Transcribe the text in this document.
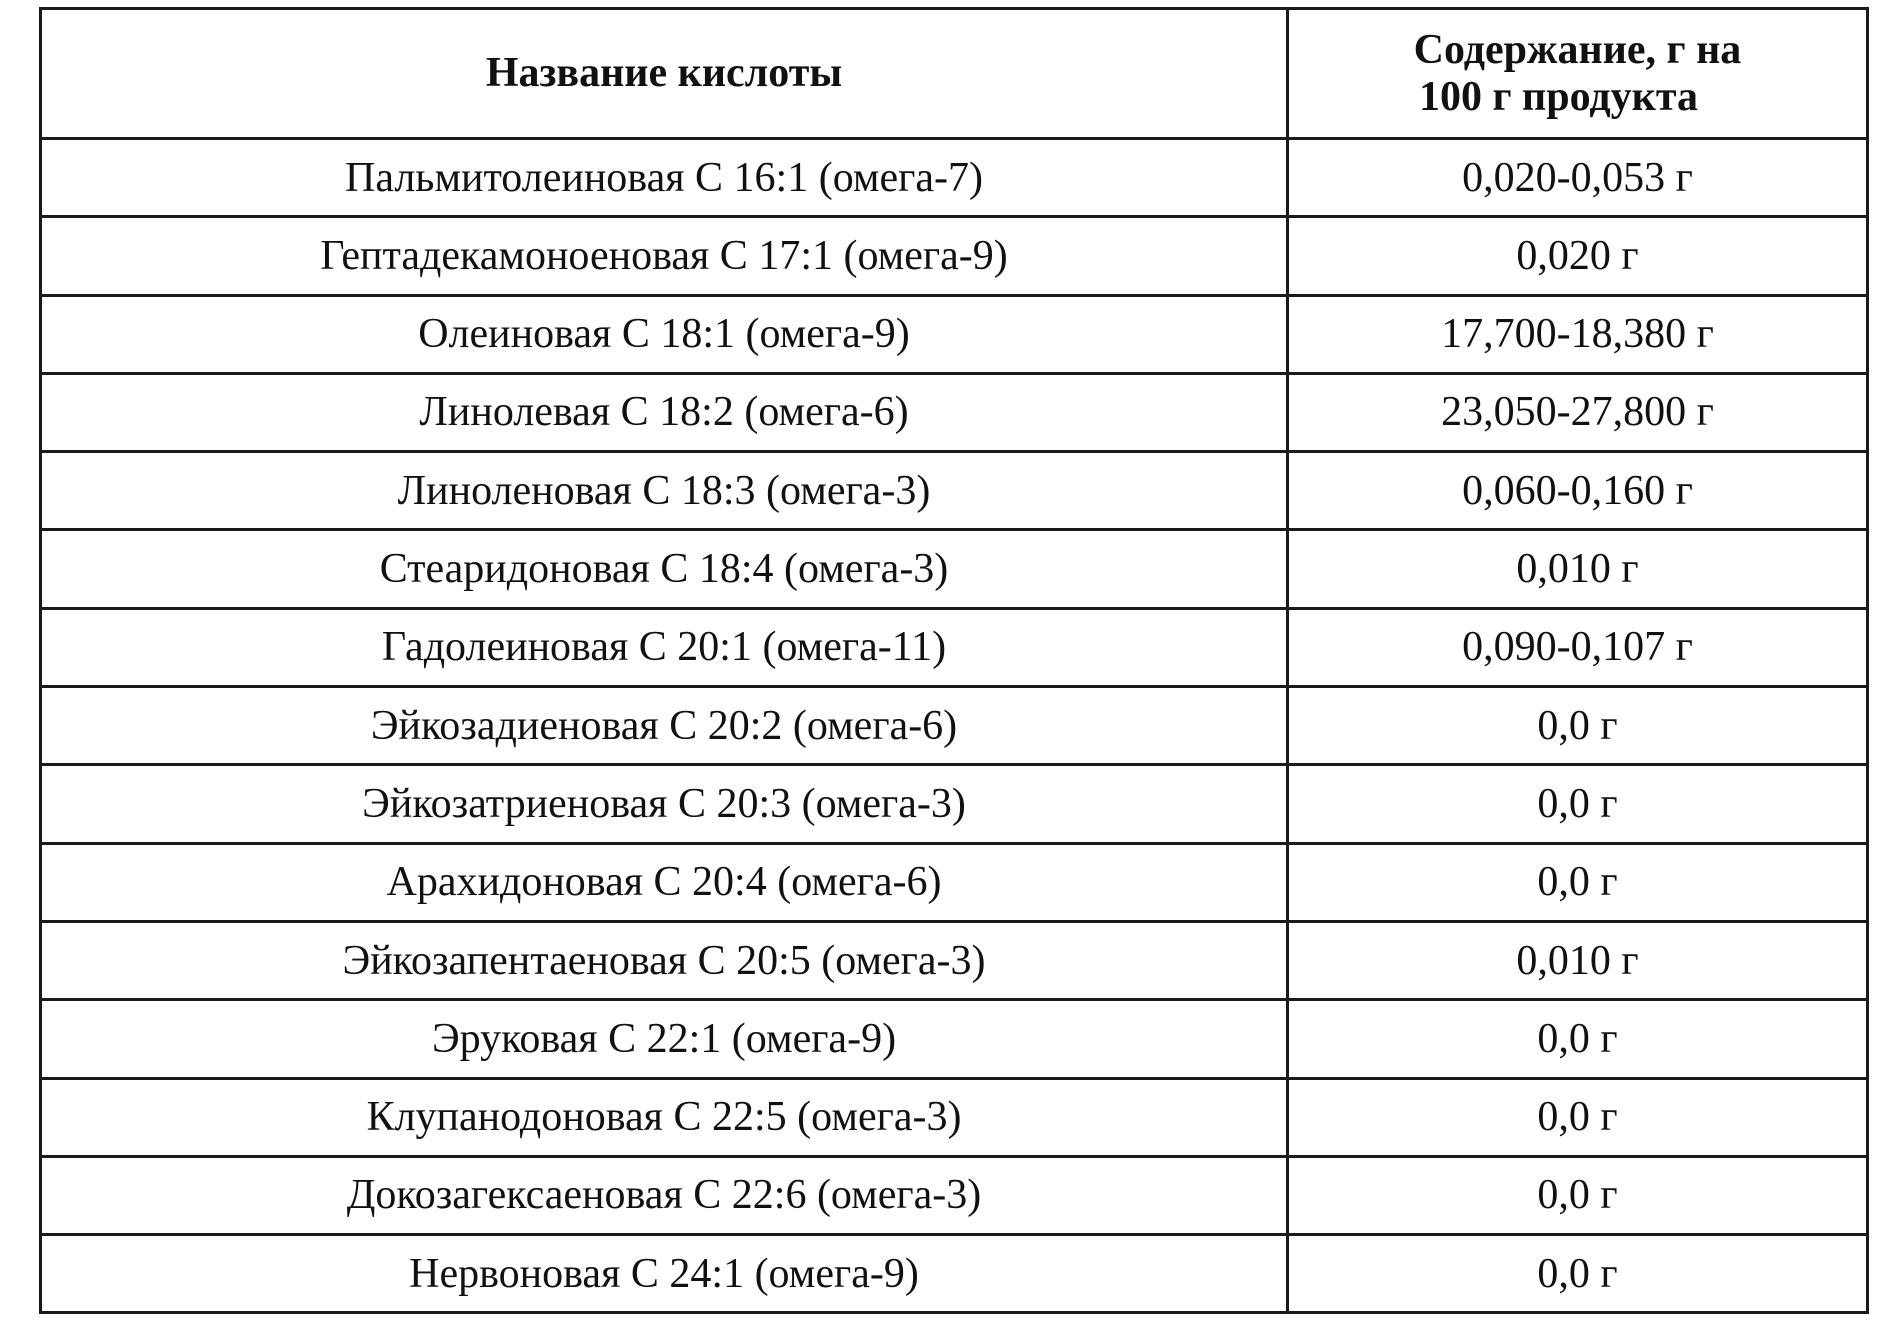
Название кислоты	Содержание, г на
100 г продукта

Пальмитолеиновая С 16:1 (омега-7)	0,020-0,053 г
Гептадекамоноеновая С 17:1 (омега-9)	0,020 г
Олеиновая С 18:1 (омега-9)	17,700-18,380 г
Линолевая С 18:2 (омега-6)	23,050-27,800 г
Линоленовая С 18:3 (омега-3)	0,060-0,160 г
Стеаридоновая С 18:4 (омега-3)	0,010 г
Гадолеиновая С 20:1 (омега-11)	0,090-0,107 г
Эйкозадиеновая С 20:2 (омега-6)	0,0 г
Эйкозатриеновая С 20:3 (омега-3)	0,0 г
Арахидоновая С 20:4 (омега-6)	0,0 г
Эйкозапентаеновая С 20:5 (омега-3)	0,010 г
Эруковая С 22:1 (омега-9)	0,0 г
Клупанодоновая С 22:5 (омега-3)	0,0 г
Докозагексаеновая С 22:6 (омега-3)	0,0 г
Нервоновая С 24:1 (омега-9)	0,0 г
